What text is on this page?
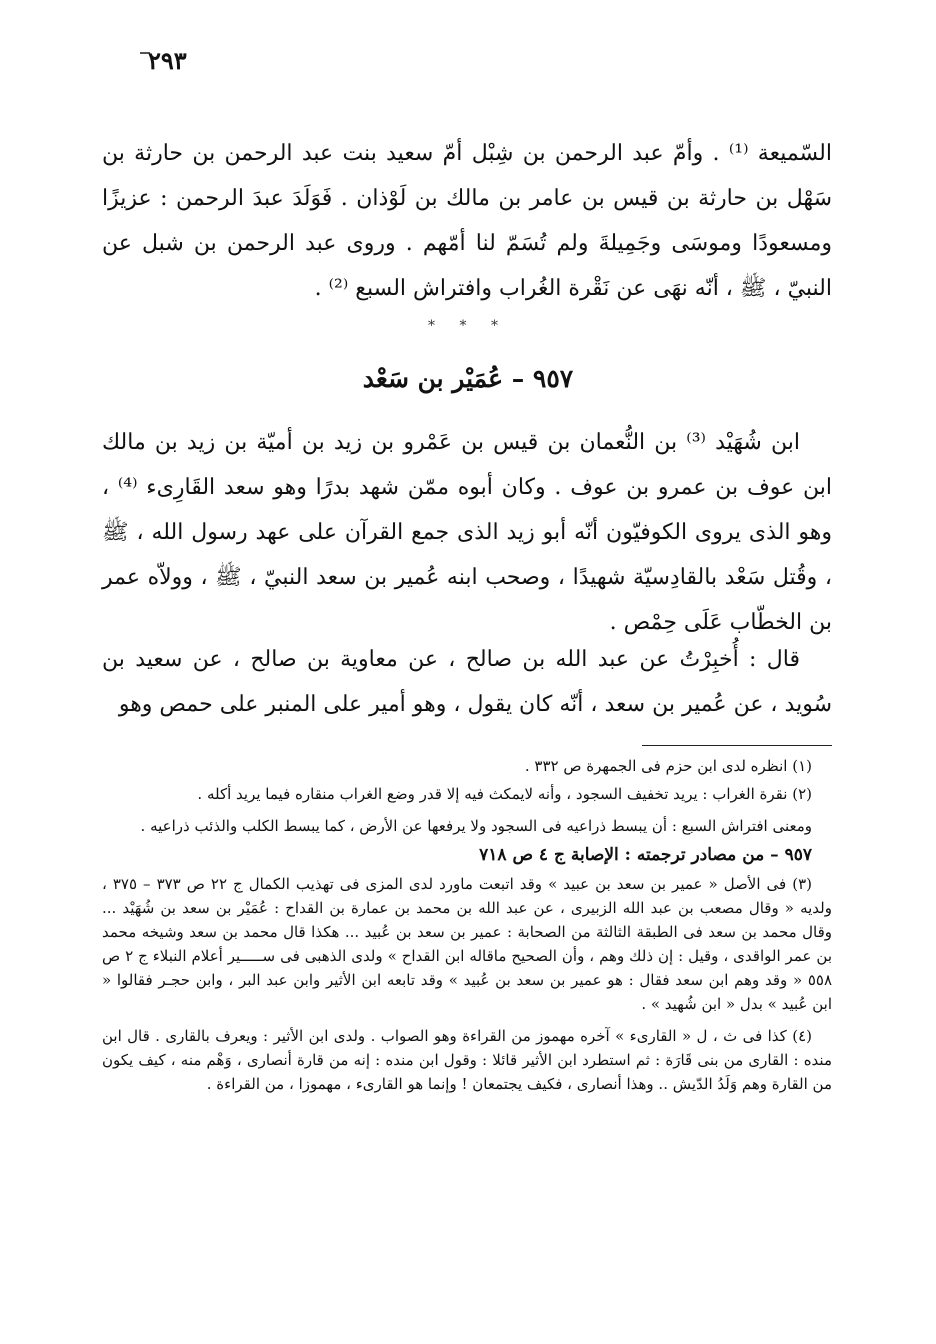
٢٩٣

السّميعة ⁽¹⁾ . وأمّ عبد الرحمن بن شِبْل أمّ سعيد بنت عبد الرحمن بن حارثة بن سَهْل بن حارثة بن قيس بن عامر بن مالك بن لَوْذان . فَوَلَدَ عبدَ الرحمن : عزيزًا ومسعودًا وموسَى وجَمِيلةَ ولم تُسَمّ لنا أمّهم . وروى عبد الرحمن بن شبل عن النبيّ ، ﷺ ، أنّه نهَى عن نَقْرة الغُراب وافتراش السبع ⁽²⁾ .

* * *
٩٥٧ – عُمَيْر بن سَعْد

ابن شُهَيْد ⁽³⁾ بن النُّعمان بن قيس بن عَمْرو بن زيد بن أميّة بن زيد بن مالك ابن عوف بن عمرو بن عوف . وكان أبوه ممّن شهد بدرًا وهو سعد القَارِىء ⁽⁴⁾ ، وهو الذى يروى الكوفيّون أنّه أبو زيد الذى جمع القرآن على عهد رسول الله ، ﷺ ، وقُتل سَعْد بالقادِسيّة شهيدًا ، وصحب ابنه عُمير بن سعد النبيّ ، ﷺ ، وولاّه عمر بن الخطّاب عَلَى حِمْص .

قال : أُخبِرْتُ عن عبد الله بن صالح ، عن معاوية بن صالح ، عن سعيد بن سُويد ، عن عُمير بن سعد ، أنّه كان يقول ، وهو أمير على المنبر على حمص وهو

(١) انظره لدى ابن حزم فى الجمهرة ص ٣٣٢ .

(٢) نقرة الغراب : يريد تخفيف السجود ، وأنه لايمكث فيه إلا قدر وضع الغراب منقاره فيما يريد أكله .

ومعنى افتراش السبع : أن يبسط ذراعيه فى السجود ولا يرفعها عن الأرض ، كما يبسط الكلب والذئب ذراعيه .

٩٥٧ – من مصادر ترجمته : الإصابة ج ٤ ص ٧١٨

(٣) فى الأصل « عمير بن سعد بن عبيد » وقد اتبعت ماورد لدى المزى فى تهذيب الكمال ج ٢٢ ص ٣٧٣ – ٣٧٥ ، ولديه « وقال مصعب بن عبد الله الزبيرى ، عن عبد الله بن محمد بن عمارة بن القداح : عُمَيْر بن سعد بن شُهَيْد ... وقال محمد بن سعد فى الطبقة الثالثة من الصحابة : عمير بن سعد بن عُبيد ... هكذا قال محمد بن سعد وشيخه محمد بن عمر الواقدى ، وقيل : إن ذلك وهم ، وأن الصحيح ماقاله ابن القداح » ولدى الذهبى فى ســـــير أعلام النبلاء ج ٢ ص ٥٥٨ « وقد وهم ابن سعد فقال : هو عمير بن سعد بن عُبيد » وقد تابعه ابن الأثير وابن عبد البر ، وابن حجـر فقالوا « ابن عُبيد » بدل « ابن شُهيد » .

(٤) كذا فى ث ، ل « القارىء » آخره مهموز من القراءة وهو الصواب . ولدى ابن الأثير : ويعرف بالقارى . قال ابن منده : القارى من بنى قَارَة : ثم استطرد ابن الأثير قائلا : وقول ابن منده : إنه من قارة أنصارى ، وَهْم منه ، كيف يكون من القارة وهم وَلَدُ الدّيش .. وهذا أنصارى ، فكيف يجتمعان ! وإنما هو القارىء ، مهموزا ، من القراءة .
